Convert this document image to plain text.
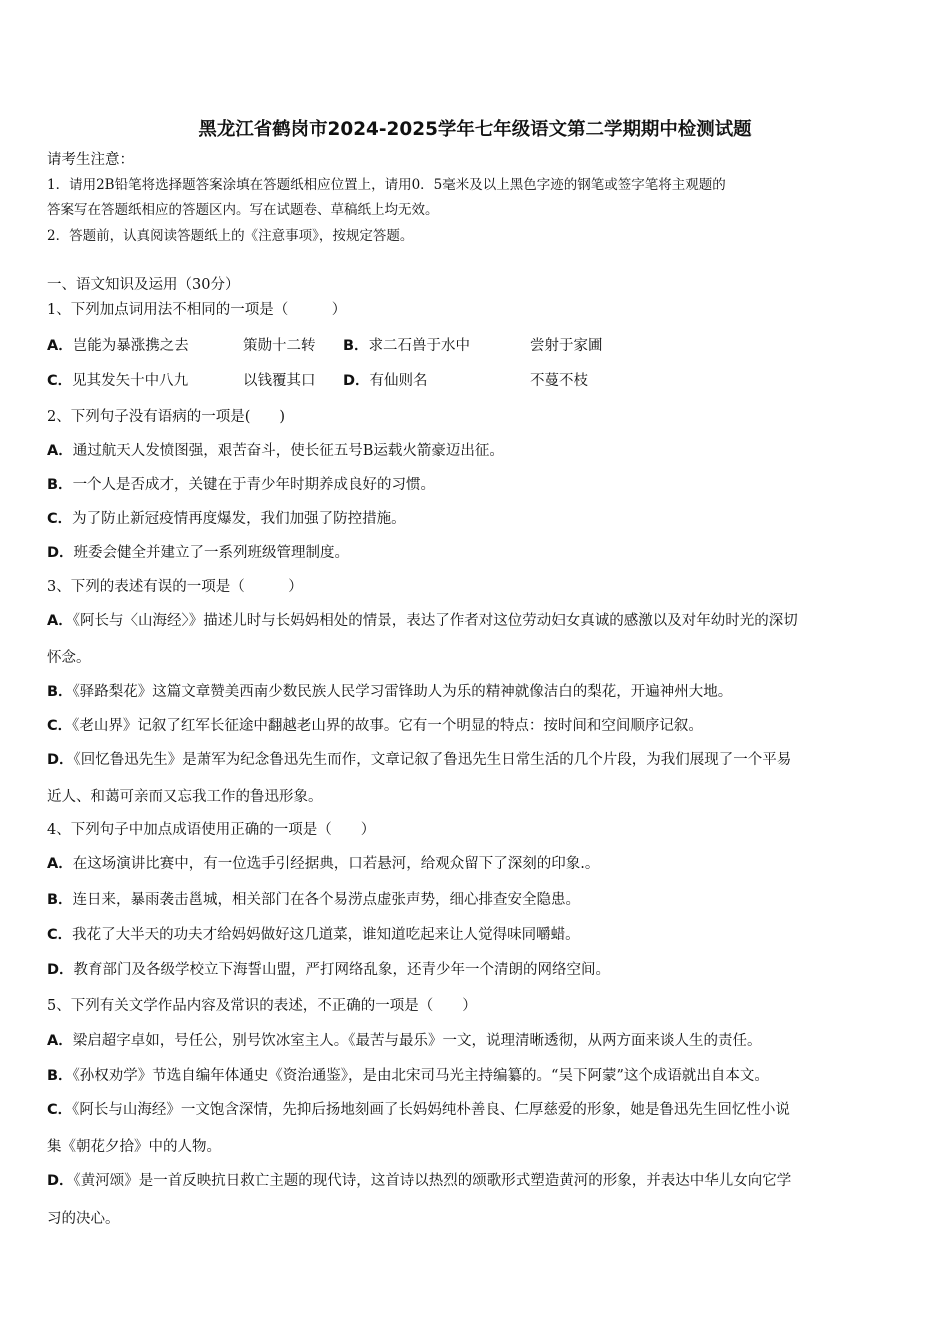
黑龙江省鹤岗市2024-2025学年七年级语文第二学期期中检测试题
请考生注意：
1．请用2B铅笔将选择题答案涂填在答题纸相应位置上，请用0．5毫米及以上黑色字迹的钢笔或签字笔将主观题的
答案写在答题纸相应的答题区内。写在试题卷、草稿纸上均无效。
2．答题前，认真阅读答题纸上的《注意事项》，按规定答题。
一、语文知识及运用（30分）
1、下列加点词用法不相同的一项是（　　　）
A．岂能为暴涨携之去	策勋十二转 B．求二石兽于水中	尝射于家圃
C．见其发矢十中八九	以钱覆其口 D．有仙则名	不蔓不枝
2、下列句子没有语病的一项是(　　)
A．通过航天人发愤图强，艰苦奋斗，使长征五号B运载火箭豪迈出征。
B．一个人是否成才，关键在于青少年时期养成良好的习惯。
C．为了防止新冠疫情再度爆发，我们加强了防控措施。
D．班委会健全并建立了一系列班级管理制度。
3、下列的表述有误的一项是（　　　）
A．《阿长与〈山海经〉》描述儿时与长妈妈相处的情景，表达了作者对这位劳动妇女真诚的感激以及对年幼时光的深切
怀念。
B．《驿路梨花》这篇文章赞美西南少数民族人民学习雷锋助人为乐的精神就像洁白的梨花，开遍神州大地。
C．《老山界》记叙了红军长征途中翻越老山界的故事。它有一个明显的特点：按时间和空间顺序记叙。
D．《回忆鲁迅先生》是萧军为纪念鲁迅先生而作，文章记叙了鲁迅先生日常生活的几个片段，为我们展现了一个平易
近人、和蔼可亲而又忘我工作的鲁迅形象。
4、下列句子中加点成语使用正确的一项是（　　）
A．在这场演讲比赛中，有一位选手引经据典，口若悬河，给观众留下了深刻的印象.。
B．连日来，暴雨袭击邕城，相关部门在各个易涝点虚张声势，细心排查安全隐患。
C．我花了大半天的功夫才给妈妈做好这几道菜，谁知道吃起来让人觉得味同嚼蜡。
D．教育部门及各级学校立下海誓山盟，严打网络乱象，还青少年一个清朗的网络空间。
5、下列有关文学作品内容及常识的表述，不正确的一项是（　　）
A．梁启超字卓如，号任公，别号饮冰室主人。《最苦与最乐》一文，说理清晰透彻，从两方面来谈人生的责任。
B．《孙权劝学》节选自编年体通史《资治通鉴》，是由北宋司马光主持编纂的。“吴下阿蒙”这个成语就出自本文。
C．《阿长与山海经》一文饱含深情，先抑后扬地刻画了长妈妈纯朴善良、仁厚慈爱的形象，她是鲁迅先生回忆性小说
集《朝花夕拾》中的人物。
D．《黄河颂》是一首反映抗日救亡主题的现代诗，这首诗以热烈的颂歌形式塑造黄河的形象，并表达中华儿女向它学
习的决心。
